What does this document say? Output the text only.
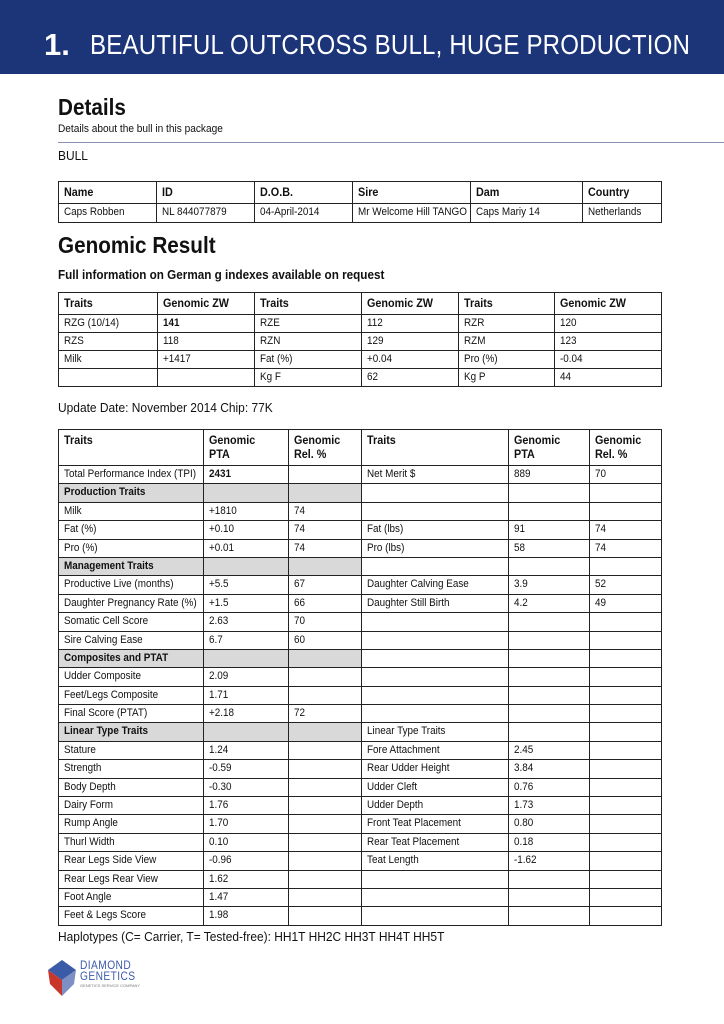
1. BEAUTIFUL OUTCROSS BULL, HUGE PRODUCTION
Details
Details about the bull in this package
BULL
Name	ID	D.O.B.	Sire	Dam	Country
Caps Robben	NL 844077879	04-April-2014	Mr Welcome Hill TANGO	Caps Mariy 14	Netherlands
Genomic Result
Full information on German g indexes available on request
Traits	Genomic ZW	Traits	Genomic ZW	Traits	Genomic ZW
RZG (10/14)	141	RZE	112	RZR	120
RZS	118	RZN	129	RZM	123
Milk	+1417	Fat (%)	+0.04	Pro (%)	-0.04
		Kg F	62	Kg P	44
Update Date: November 2014 Chip: 77K
Traits	Genomic PTA	Genomic Rel. %	Traits	Genomic PTA	Genomic Rel. %
Total Performance Index (TPI)	2431		Net Merit $	889	70
Production Traits					
Milk	+1810	74			
Fat (%)	+0.10	74	Fat (lbs)	91	74
Pro (%)	+0.01	74	Pro (lbs)	58	74
Management Traits					
Productive Live (months)	+5.5	67	Daughter Calving Ease	3.9	52
Daughter Pregnancy Rate (%)	+1.5	66	Daughter Still Birth	4.2	49
Somatic Cell Score	2.63	70			
Sire Calving Ease	6.7	60			
Composites and PTAT					
Udder Composite	2.09				
Feet/Legs Composite	1.71				
Final Score (PTAT)	+2.18	72			
Linear Type Traits			Linear Type Traits		
Stature	1.24		Fore Attachment	2.45	
Strength	-0.59		Rear Udder Height	3.84	
Body Depth	-0.30		Udder Cleft	0.76	
Dairy Form	1.76		Udder Depth	1.73	
Rump Angle	1.70		Front Teat Placement	0.80	
Thurl Width	0.10		Rear Teat Placement	0.18	
Rear Legs Side View	-0.96		Teat Length	-1.62	
Rear Legs Rear View	1.62				
Foot Angle	1.47				
Feet & Legs Score	1.98				
Haplotypes (C= Carrier, T= Tested-free): HH1T HH2C HH3T HH4T HH5T
DIAMOND
GENETICS
GENETICS SERVICE COMPANY
